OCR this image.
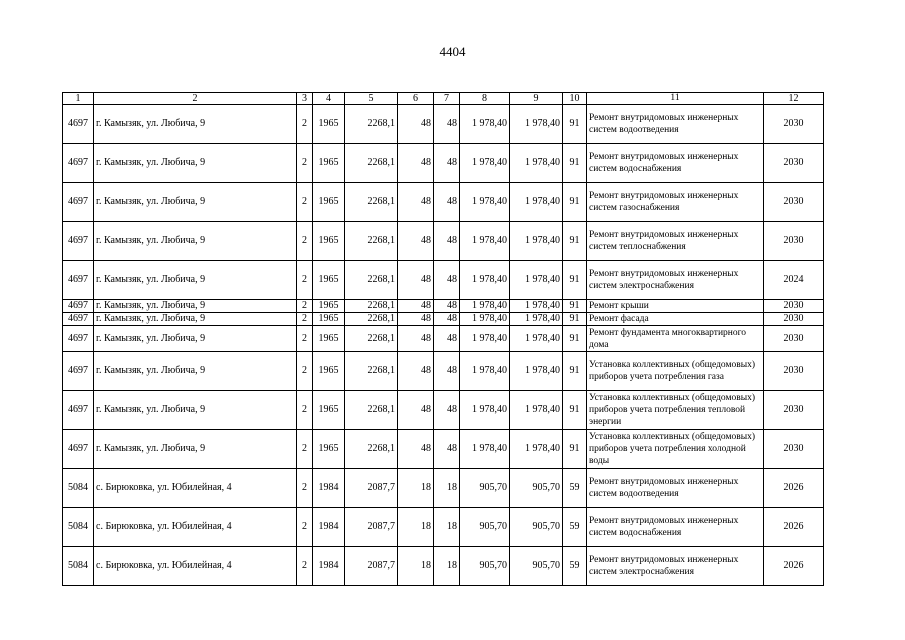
4404
1	2	3	4	5	6	7	8	9	10	11	12
4697	г. Камызяк, ул. Любича, 9	2	1965	2268,1	48	48	1 978,40	1 978,40	91	Ремонт внутридомовых инженерных систем водоотведения	2030
4697	г. Камызяк, ул. Любича, 9	2	1965	2268,1	48	48	1 978,40	1 978,40	91	Ремонт внутридомовых инженерных систем водоснабжения	2030
4697	г. Камызяк, ул. Любича, 9	2	1965	2268,1	48	48	1 978,40	1 978,40	91	Ремонт внутридомовых инженерных систем газоснабжения	2030
4697	г. Камызяк, ул. Любича, 9	2	1965	2268,1	48	48	1 978,40	1 978,40	91	Ремонт внутридомовых инженерных систем теплоснабжения	2030
4697	г. Камызяк, ул. Любича, 9	2	1965	2268,1	48	48	1 978,40	1 978,40	91	Ремонт внутридомовых инженерных систем электроснабжения	2024
4697	г. Камызяк, ул. Любича, 9	2	1965	2268,1	48	48	1 978,40	1 978,40	91	Ремонт крыши	2030
4697	г. Камызяк, ул. Любича, 9	2	1965	2268,1	48	48	1 978,40	1 978,40	91	Ремонт фасада	2030
4697	г. Камызяк, ул. Любича, 9	2	1965	2268,1	48	48	1 978,40	1 978,40	91	Ремонт фундамента многоквартирного дома	2030
4697	г. Камызяк, ул. Любича, 9	2	1965	2268,1	48	48	1 978,40	1 978,40	91	Установка коллективных (общедомовых) приборов учета потребления газа	2030
4697	г. Камызяк, ул. Любича, 9	2	1965	2268,1	48	48	1 978,40	1 978,40	91	Установка коллективных (общедомовых) приборов учета потребления тепловой энергии	2030
4697	г. Камызяк, ул. Любича, 9	2	1965	2268,1	48	48	1 978,40	1 978,40	91	Установка коллективных (общедомовых) приборов учета потребления холодной воды	2030
5084	с. Бирюковка, ул. Юбилейная, 4	2	1984	2087,7	18	18	905,70	905,70	59	Ремонт внутридомовых инженерных систем водоотведения	2026
5084	с. Бирюковка, ул. Юбилейная, 4	2	1984	2087,7	18	18	905,70	905,70	59	Ремонт внутридомовых инженерных систем водоснабжения	2026
5084	с. Бирюковка, ул. Юбилейная, 4	2	1984	2087,7	18	18	905,70	905,70	59	Ремонт внутридомовых инженерных систем электроснабжения	2026
